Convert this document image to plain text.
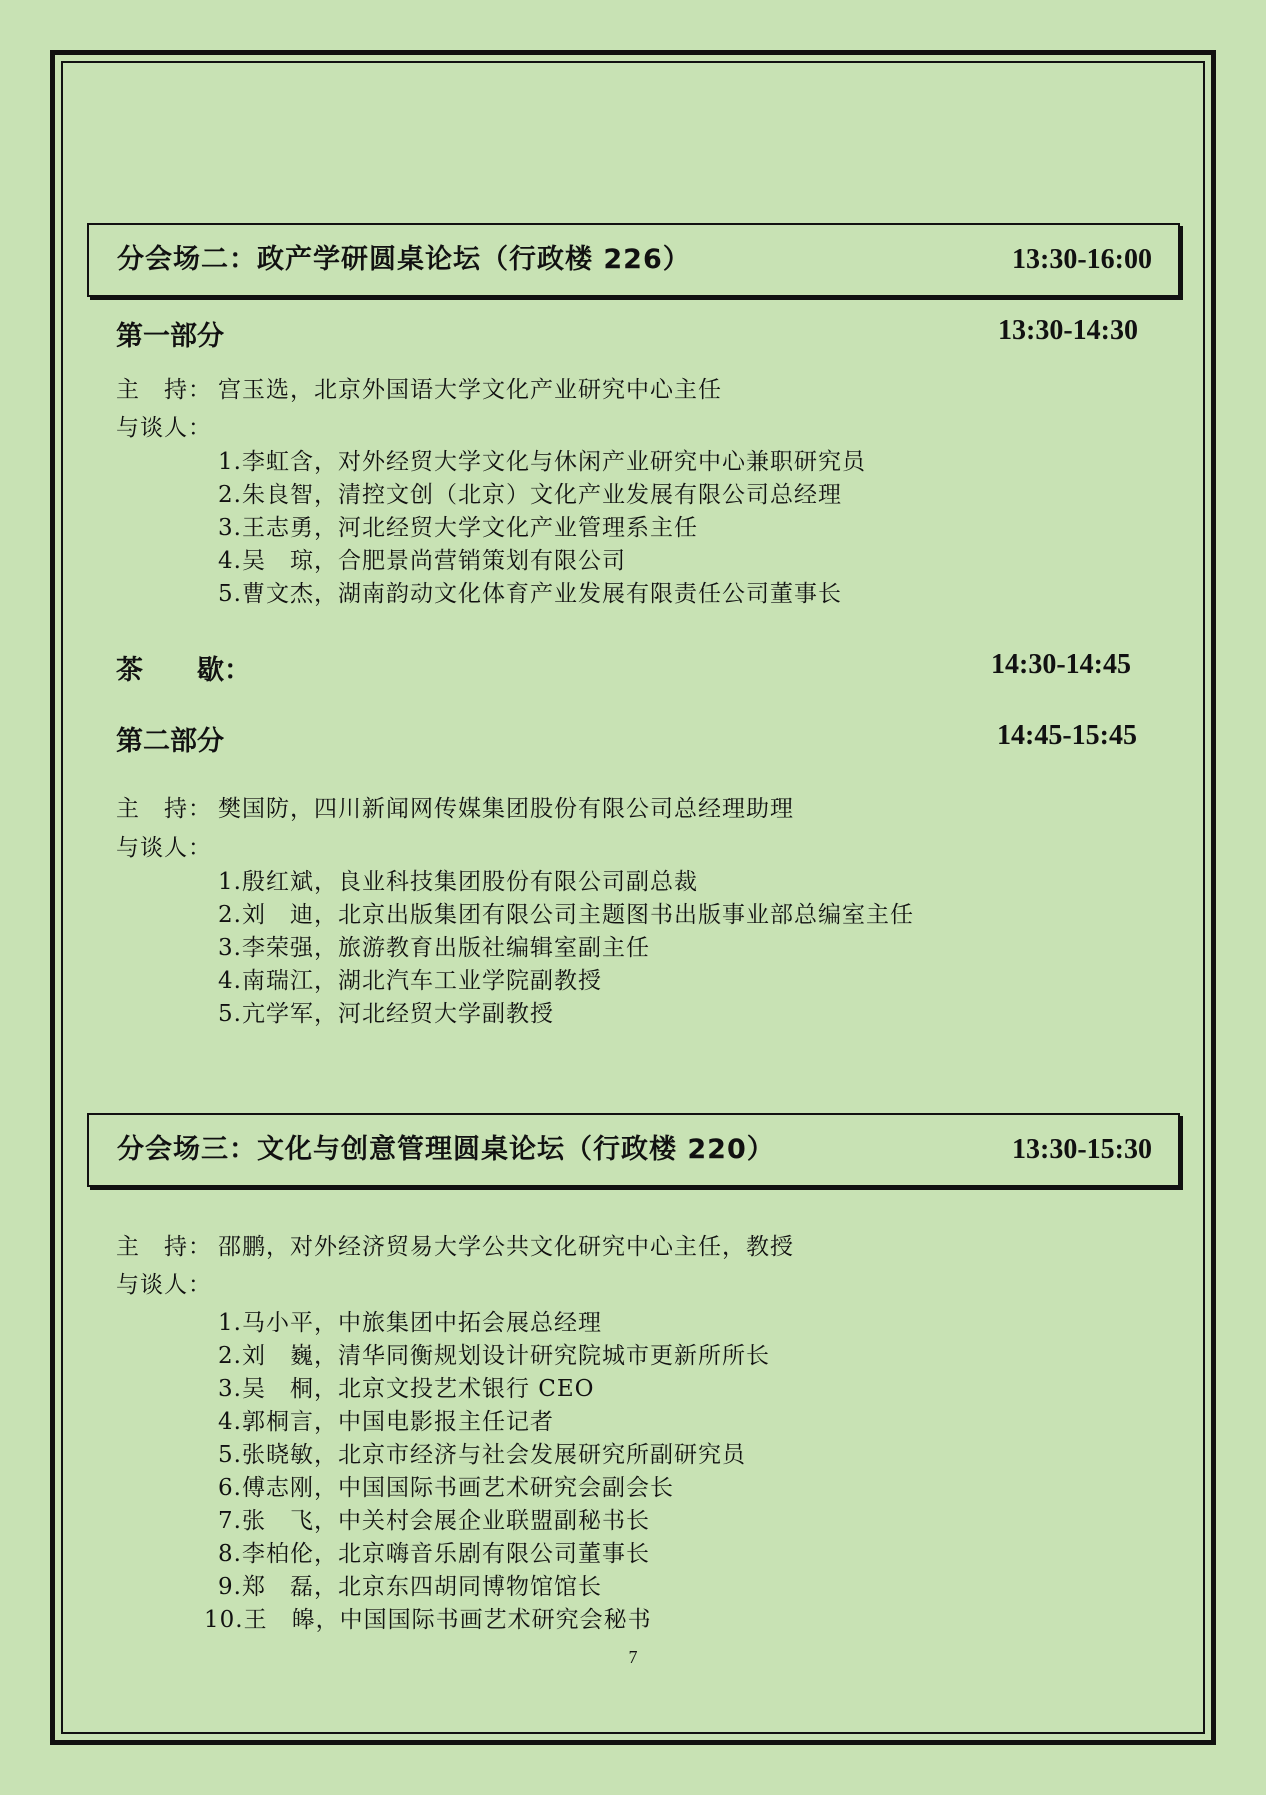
分会场二：政产学研圆桌论坛（行政楼 226）	13:30-16:00
第一部分	13:30-14:30
主　持： 宫玉选，北京外国语大学文化产业研究中心主任
与谈人：
1.李虹含，对外经贸大学文化与休闲产业研究中心兼职研究员
2.朱良智，清控文创（北京）文化产业发展有限公司总经理
3.王志勇，河北经贸大学文化产业管理系主任
4.吴　琼，合肥景尚营销策划有限公司
5.曹文杰，湖南韵动文化体育产业发展有限责任公司董事长
茶　　歇：	14:30-14:45
第二部分	14:45-15:45
主　持： 樊国防，四川新闻网传媒集团股份有限公司总经理助理
与谈人：
1.殷红斌，良业科技集团股份有限公司副总裁
2.刘　迪，北京出版集团有限公司主题图书出版事业部总编室主任
3.李荣强，旅游教育出版社编辑室副主任
4.南瑞江，湖北汽车工业学院副教授
5.亢学军，河北经贸大学副教授
分会场三：文化与创意管理圆桌论坛（行政楼 220）	13:30-15:30
主　持： 邵鹏，对外经济贸易大学公共文化研究中心主任，教授
与谈人：
1.马小平，中旅集团中拓会展总经理
2.刘　巍，清华同衡规划设计研究院城市更新所所长
3.吴　桐，北京文投艺术银行 CEO
4.郭桐言，中国电影报主任记者
5.张晓敏，北京市经济与社会发展研究所副研究员
6.傅志刚，中国国际书画艺术研究会副会长
7.张　飞，中关村会展企业联盟副秘书长
8.李柏伦，北京嗨音乐剧有限公司董事长
9.郑　磊，北京东四胡同博物馆馆长
10.王　皞，中国国际书画艺术研究会秘书
7
